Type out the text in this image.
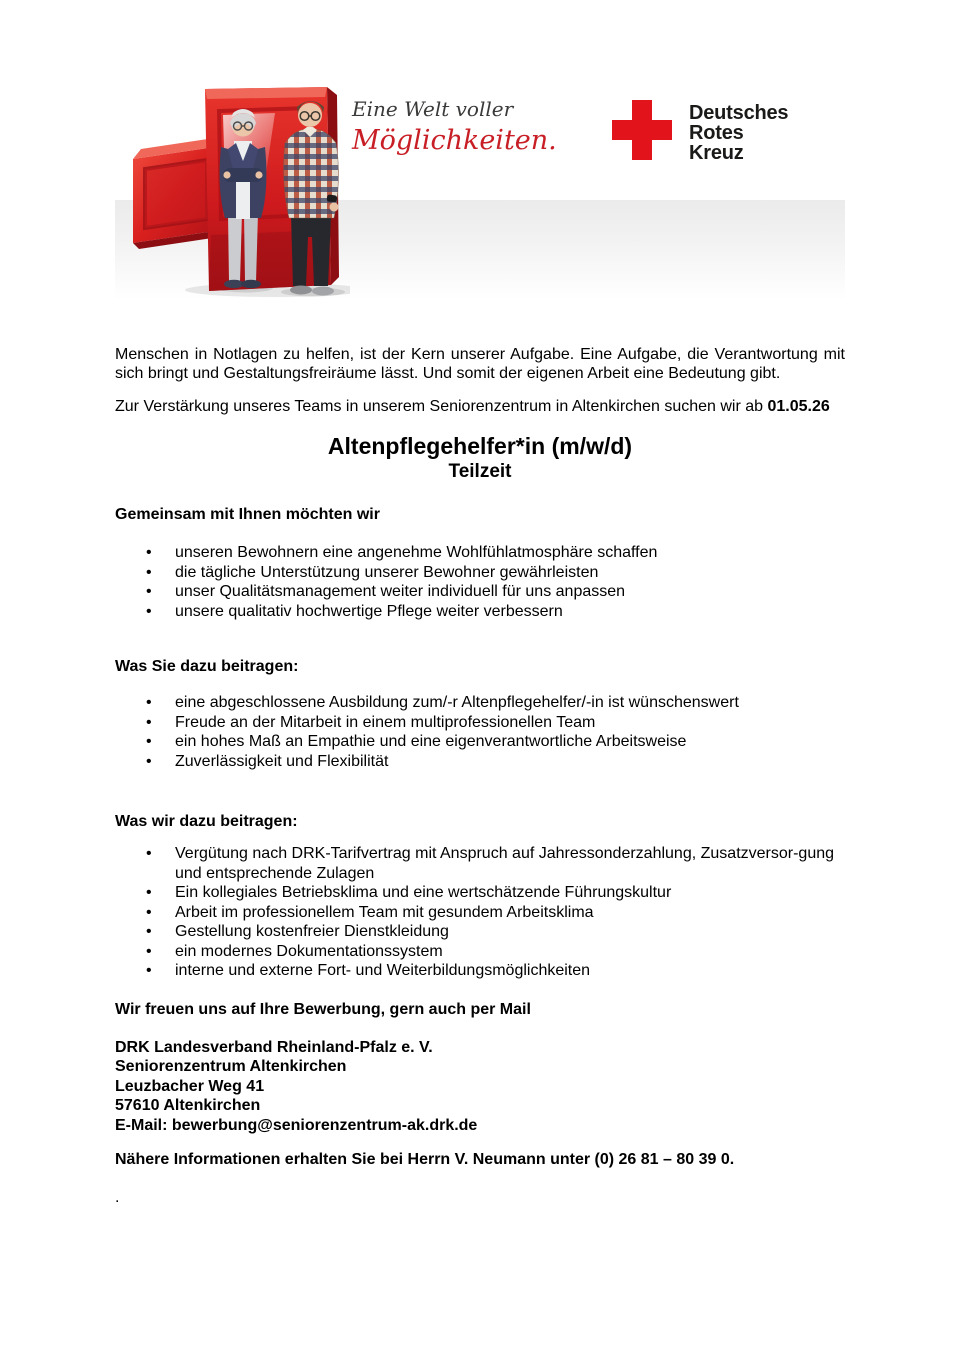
Eine Welt voller
Möglichkeiten.
Deutsches
Rotes
Kreuz

Menschen in Notlagen zu helfen, ist der Kern unserer Aufgabe. Eine Aufgabe, die Verantwortung mit sich bringt und Gestaltungsfreiräume lässt. Und somit der eigenen Arbeit eine Bedeutung gibt.

Zur Verstärkung unseres Teams in unserem Seniorenzentrum in Altenkirchen suchen wir ab 01.05.26

Altenpflegehelfer*in (m/w/d)
Teilzeit
Gemeinsam mit Ihnen möchten wir
• unseren Bewohnern eine angenehme Wohlfühlatmosphäre schaffen
• die tägliche Unterstützung unserer Bewohner gewährleisten
• unser Qualitätsmanagement weiter individuell für uns anpassen
• unsere qualitativ hochwertige Pflege weiter verbessern
Was Sie dazu beitragen:
• eine abgeschlossene Ausbildung zum/-r Altenpflegehelfer/-in ist wünschenswert
• Freude an der Mitarbeit in einem multiprofessionellen Team
• ein hohes Maß an Empathie und eine eigenverantwortliche Arbeitsweise
• Zuverlässigkeit und Flexibilität
Was wir dazu beitragen:
• Vergütung nach DRK-Tarifvertrag mit Anspruch auf Jahressonderzahlung, Zusatzversor-gung und entsprechende Zulagen
• Ein kollegiales Betriebsklima und eine wertschätzende Führungskultur
• Arbeit im professionellem Team mit gesundem Arbeitsklima
• Gestellung kostenfreier Dienstkleidung
• ein modernes Dokumentationssystem
• interne und externe Fort- und Weiterbildungsmöglichkeiten
Wir freuen uns auf Ihre Bewerbung, gern auch per Mail
DRK Landesverband Rheinland-Pfalz e. V.
Seniorenzentrum Altenkirchen
Leuzbacher Weg 41
57610 Altenkirchen
E-Mail: bewerbung@seniorenzentrum-ak.drk.de
Nähere Informationen erhalten Sie bei Herrn V. Neumann unter (0) 26 81 – 80 39 0.
.
